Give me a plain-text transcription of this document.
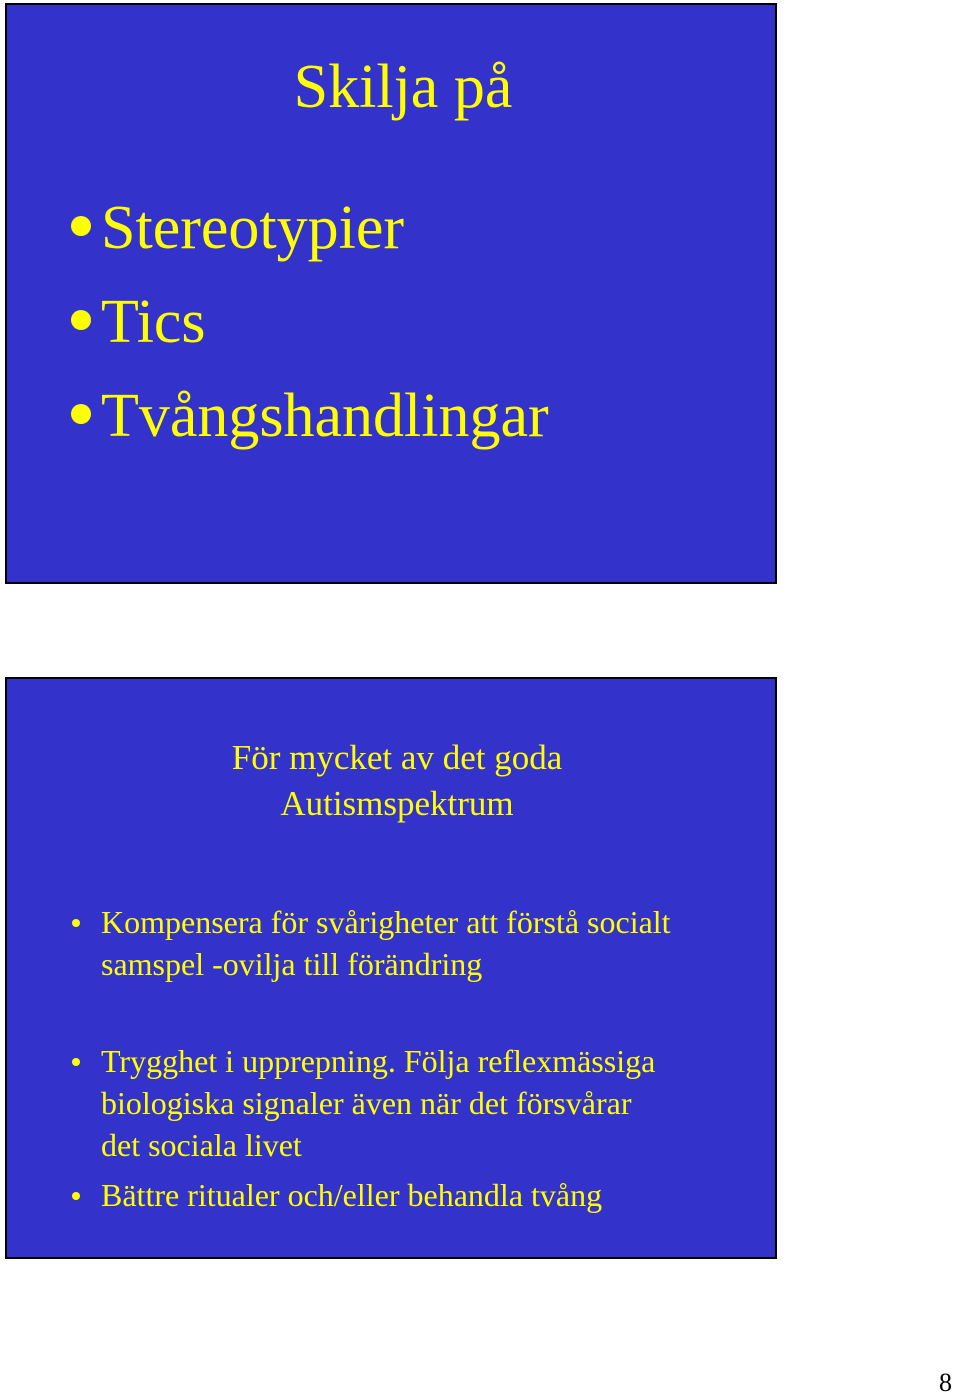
Skilja på
Stereotypier
Tics
Tvångshandlingar
För mycket av det goda
Autismspektrum
Kompensera för svårigheter att förstå socialt
samspel -ovilja till förändring
Trygghet i upprepning. Följa reflexmässiga
biologiska signaler även när det försvårar
det sociala livet
Bättre ritualer och/eller behandla tvång
8
